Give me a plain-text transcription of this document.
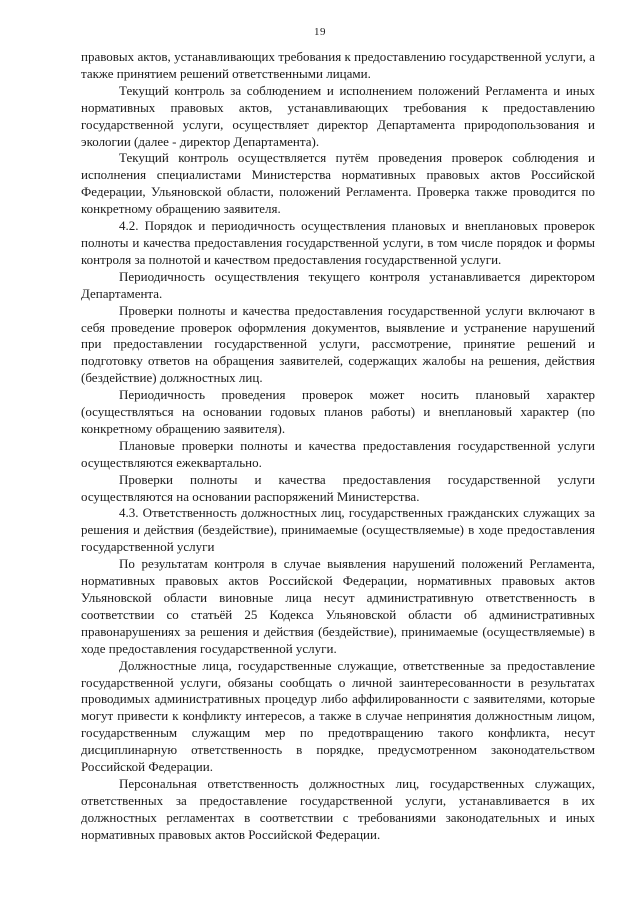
19

правовых актов, устанавливающих требования к предоставлению государственной услуги, а также принятием решений ответственными лицами.

Текущий контроль за соблюдением и исполнением положений Регламента и иных нормативных правовых актов, устанавливающих требования к предоставлению государственной услуги, осуществляет директор Департамента природопользования и экологии (далее - директор Департамента).

Текущий контроль осуществляется путём проведения проверок соблюдения и исполнения специалистами Министерства нормативных правовых актов Российской Федерации, Ульяновской области, положений Регламента. Проверка также проводится по конкретному обращению заявителя.

4.2. Порядок и периодичность осуществления плановых и внеплановых проверок полноты и качества предоставления государственной услуги, в том числе порядок и формы контроля за полнотой и качеством предоставления государственной услуги.

Периодичность осуществления текущего контроля устанавливается директором Департамента.

Проверки полноты и качества предоставления государственной услуги включают в себя проведение проверок оформления документов, выявление и устранение нарушений при предоставлении государственной услуги, рассмотрение, принятие решений и подготовку ответов на обращения заявителей, содержащих жалобы на решения, действия (бездействие) должностных лиц.

Периодичность проведения проверок может носить плановый характер (осуществляться на основании годовых планов работы) и внеплановый характер (по конкретному обращению заявителя).

Плановые проверки полноты и качества предоставления государственной услуги осуществляются ежеквартально.

Проверки полноты и качества предоставления государственной услуги осуществляются на основании распоряжений Министерства.

4.3. Ответственность должностных лиц, государственных гражданских служащих за решения и действия (бездействие), принимаемые (осуществляемые) в ходе предоставления государственной услуги

По результатам контроля в случае выявления нарушений положений Регламента, нормативных правовых актов Российской Федерации, нормативных правовых актов Ульяновской области виновные лица несут административную ответственность в соответствии со статьёй 25 Кодекса Ульяновской области об административных правонарушениях за решения и действия (бездействие), принимаемые (осуществляемые) в ходе предоставления государственной услуги.

Должностные лица, государственные служащие, ответственные за предоставление государственной услуги, обязаны сообщать о личной заинтересованности в результатах проводимых административных процедур либо аффилированности с заявителями, которые могут привести к конфликту интересов, а также в случае непринятия должностным лицом, государственным служащим мер по предотвращению такого конфликта, несут дисциплинарную ответственность в порядке, предусмотренном законодательством Российской Федерации.

Персональная ответственность должностных лиц, государственных служащих, ответственных за предоставление государственной услуги, устанавливается в их должностных регламентах в соответствии с требованиями законодательных и иных нормативных правовых актов Российской Федерации.
